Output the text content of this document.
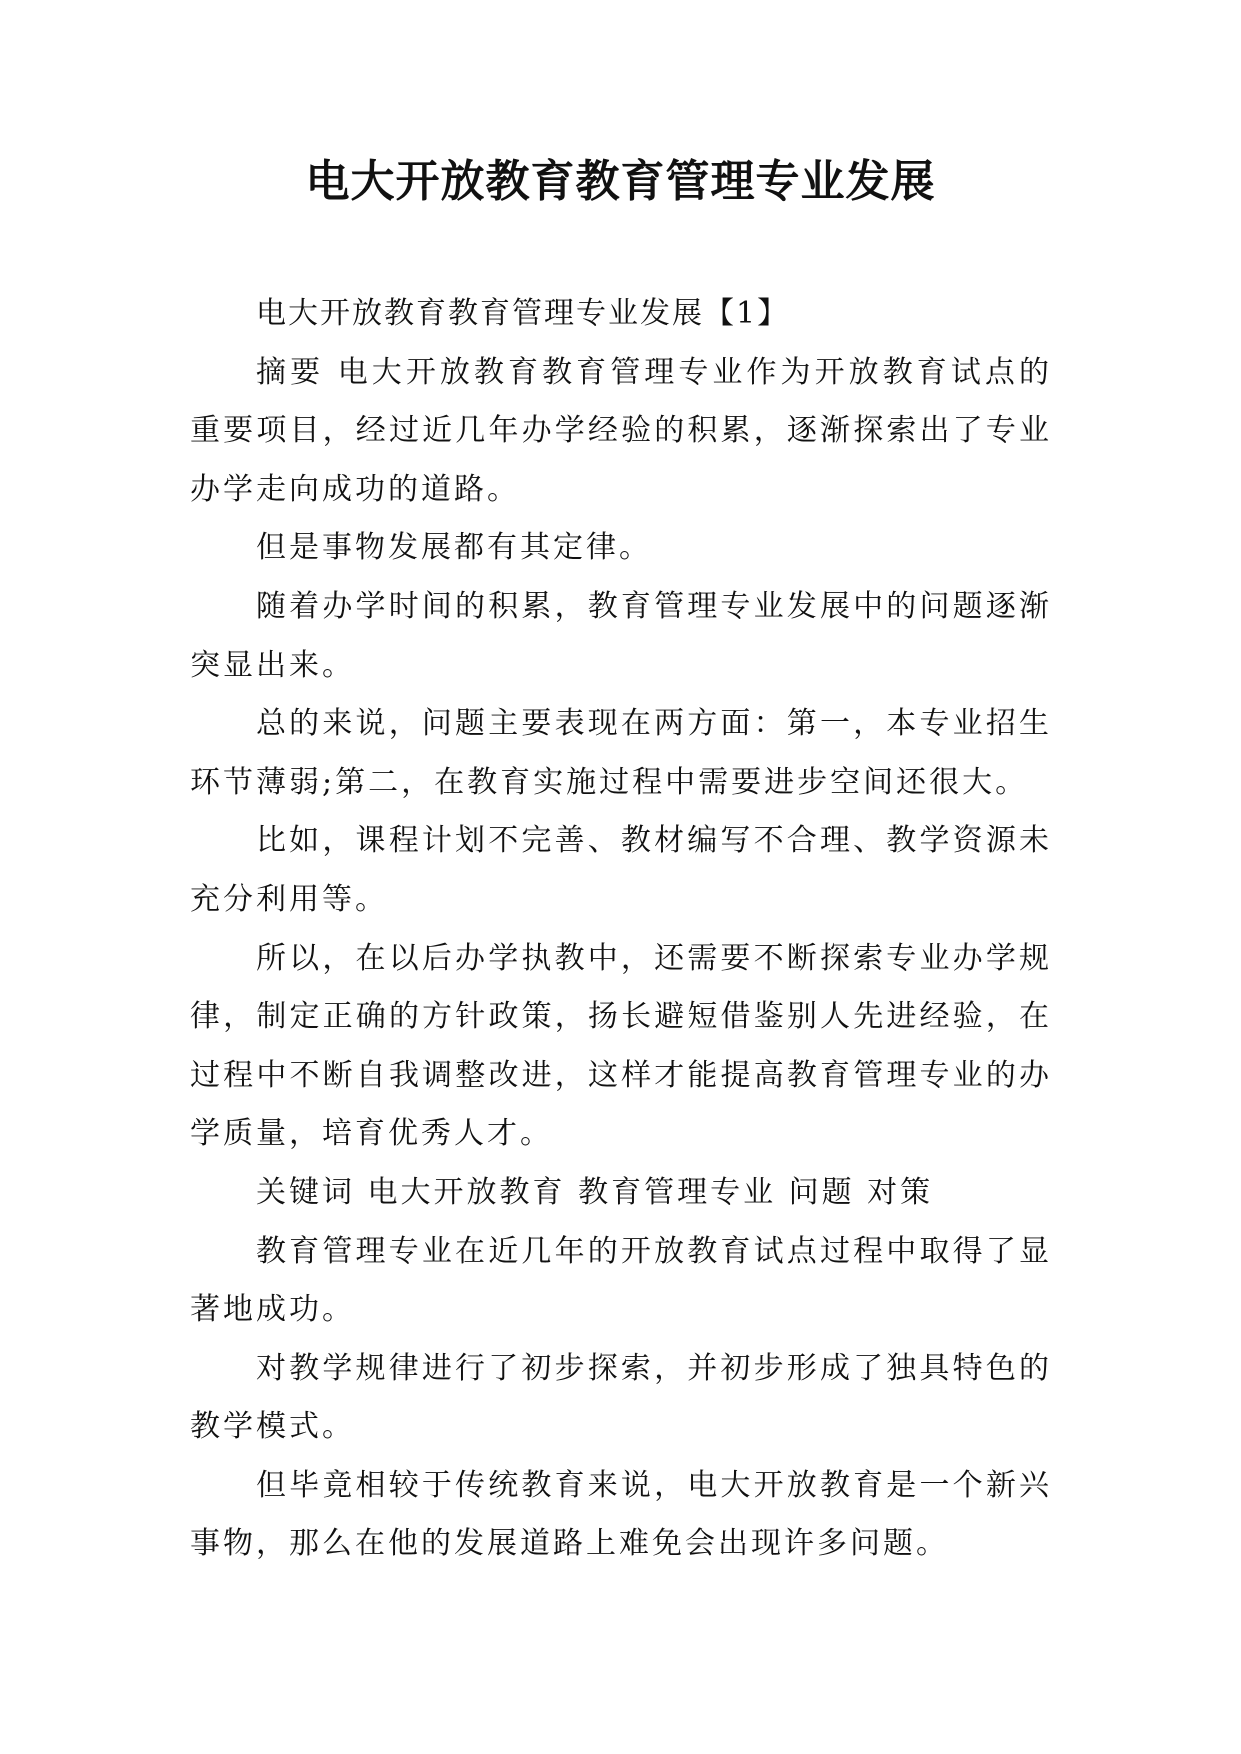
电大开放教育教育管理专业发展

电大开放教育教育管理专业发展【1】

摘要 电大开放教育教育管理专业作为开放教育试点的重要项目，经过近几年办学经验的积累，逐渐探索出了专业办学走向成功的道路。

但是事物发展都有其定律。

随着办学时间的积累，教育管理专业发展中的问题逐渐突显出来。

总的来说，问题主要表现在两方面：第一，本专业招生环节薄弱;第二，在教育实施过程中需要进步空间还很大。

比如，课程计划不完善、教材编写不合理、教学资源未充分利用等。

所以，在以后办学执教中，还需要不断探索专业办学规律，制定正确的方针政策，扬长避短借鉴别人先进经验，在过程中不断自我调整改进，这样才能提高教育管理专业的办学质量，培育优秀人才。

关键词 电大开放教育 教育管理专业 问题 对策

教育管理专业在近几年的开放教育试点过程中取得了显著地成功。

对教学规律进行了初步探索，并初步形成了独具特色的教学模式。

但毕竟相较于传统教育来说，电大开放教育是一个新兴事物，那么在他的发展道路上难免会出现许多问题。
